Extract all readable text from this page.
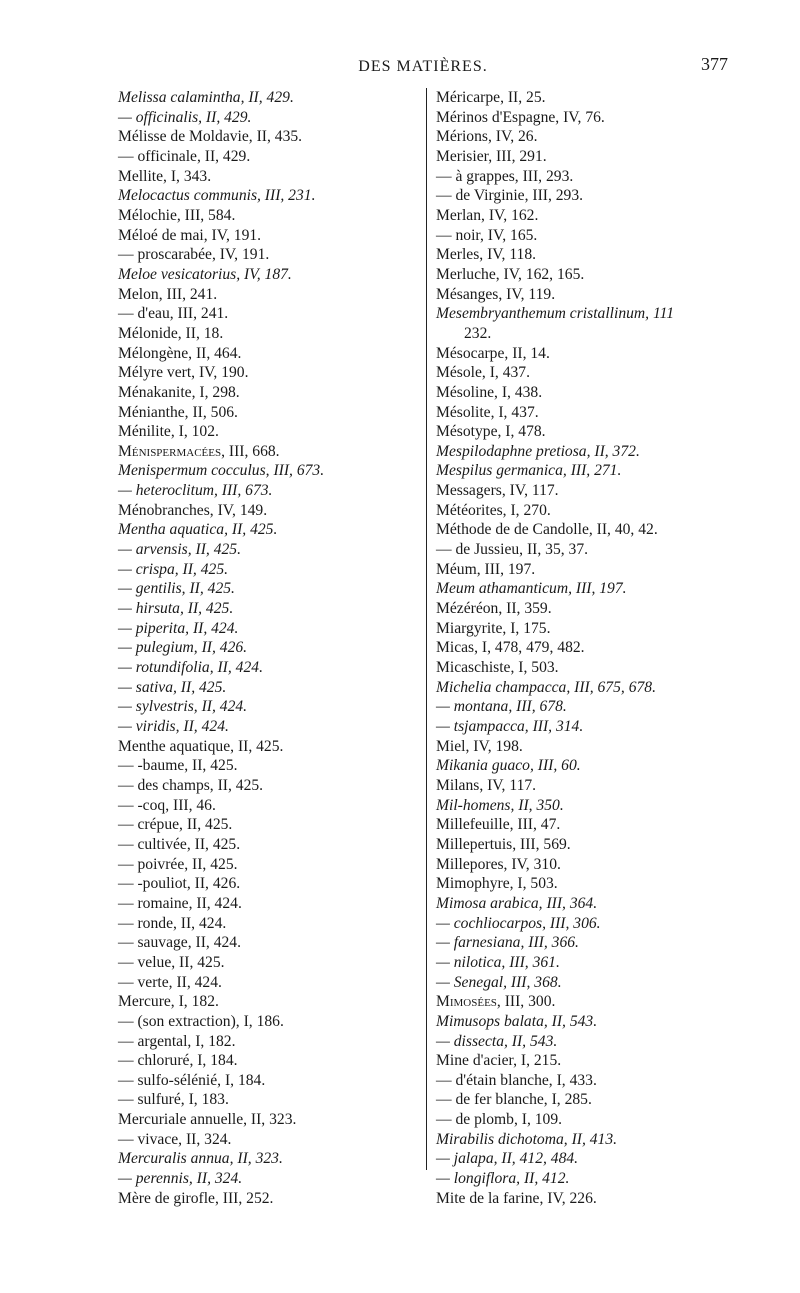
DES MATIÈRES.	377
Melissa calamintha, II, 429.
— officinalis, II, 429.
Mélisse de Moldavie, II, 435.
— officinale, II, 429.
Mellite, I, 343.
Melocactus communis, III, 231.
Mélochie, III, 584.
Méloé de mai, IV, 191.
— proscarabée, IV, 191.
Meloe vesicatorius, IV, 187.
Melon, III, 241.
— d'eau, III, 241.
Mélonide, II, 18.
Mélongène, II, 464.
Mélyre vert, IV, 190.
Ménakanite, I, 298.
Ménianthe, II, 506.
Ménilite, I, 102.
Ménispermacées, III, 668.
Menispermum cocculus, III, 673.
— heteroclitum, III, 673.
Ménobranches, IV, 149.
Mentha aquatica, II, 425.
— arvensis, II, 425.
— crispa, II, 425.
— gentilis, II, 425.
— hirsuta, II, 425.
— piperita, II, 424.
— pulegium, II, 426.
— rotundifolia, II, 424.
— sativa, II, 425.
— sylvestris, II, 424.
— viridis, II, 424.
Menthe aquatique, II, 425.
— -baume, II, 425.
— des champs, II, 425.
— -coq, III, 46.
— crépue, II, 425.
— cultivée, II, 425.
— poivrée, II, 425.
— -pouliot, II, 426.
— romaine, II, 424.
— ronde, II, 424.
— sauvage, II, 424.
— velue, II, 425.
— verte, II, 424.
Mercure, I, 182.
— (son extraction), I, 186.
— argental, I, 182.
— chloruré, I, 184.
— sulfo-sélénié, I, 184.
— sulfuré, I, 183.
Mercuriale annuelle, II, 323.
— vivace, II, 324.
Mercuralis annua, II, 323.
— perennis, II, 324.
Mère de girofle, III, 252.
Méricarpe, II, 25.
Mérinos d'Espagne, IV, 76.
Mérions, IV, 26.
Merisier, III, 291.
— à grappes, III, 293.
— de Virginie, III, 293.
Merlan, IV, 162.
— noir, IV, 165.
Merles, IV, 118.
Merluche, IV, 162, 165.
Mésanges, IV, 119.
Mesembryanthemum cristallinum, 111
232.
Mésocarpe, II, 14.
Mésole, I, 437.
Mésoline, I, 438.
Mésolite, I, 437.
Mésotype, I, 478.
Mespilodaphne pretiosa, II, 372.
Mespilus germanica, III, 271.
Messagers, IV, 117.
Météorites, I, 270.
Méthode de de Candolle, II, 40, 42.
— de Jussieu, II, 35, 37.
Méum, III, 197.
Meum athamanticum, III, 197.
Mézéréon, II, 359.
Miargyrite, I, 175.
Micas, I, 478, 479, 482.
Micaschiste, I, 503.
Michelia champacca, III, 675, 678.
— montana, III, 678.
— tsjampacca, III, 314.
Miel, IV, 198.
Mikania guaco, III, 60.
Milans, IV, 117.
Mil-homens, II, 350.
Millefeuille, III, 47.
Millepertuis, III, 569.
Millepores, IV, 310.
Mimophyre, I, 503.
Mimosa arabica, III, 364.
— cochliocarpos, III, 306.
— farnesiana, III, 366.
— nilotica, III, 361.
— Senegal, III, 368.
Mimosées, III, 300.
Mimusops balata, II, 543.
— dissecta, II, 543.
Mine d'acier, I, 215.
— d'étain blanche, I, 433.
— de fer blanche, I, 285.
— de plomb, I, 109.
Mirabilis dichotoma, II, 413.
— jalapa, II, 412, 484.
— longiflora, II, 412.
Mite de la farine, IV, 226.
